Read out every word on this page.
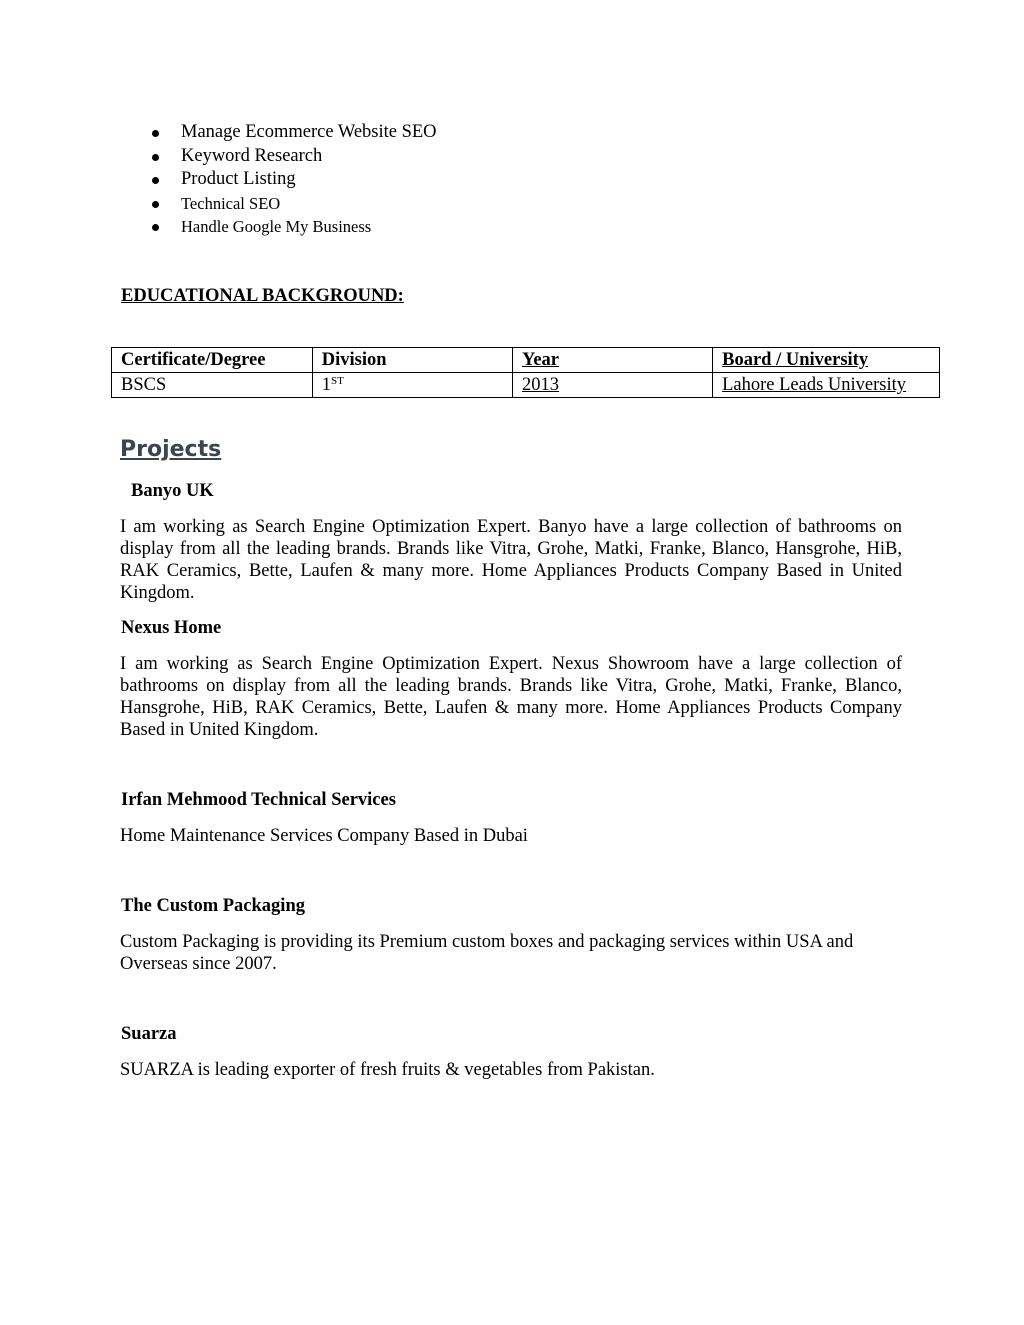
Manage Ecommerce Website SEO
Keyword Research
Product Listing
Technical SEO
Handle Google My Business
EDUCATIONAL BACKGROUND:
Certificate/Degree	Division	Year	Board / University
BSCS	1ST	2013	Lahore Leads University
Projects
Banyo UK

I am working as Search Engine Optimization Expert. Banyo have a large collection of bathrooms on display from all the leading brands. Brands like Vitra, Grohe, Matki, Franke, Blanco, Hansgrohe, HiB, RAK Ceramics, Bette, Laufen & many more. Home Appliances Products Company Based in United Kingdom.

Nexus Home

I am working as Search Engine Optimization Expert. Nexus Showroom have a large collection of bathrooms on display from all the leading brands. Brands like Vitra, Grohe, Matki, Franke, Blanco, Hansgrohe, HiB, RAK Ceramics, Bette, Laufen & many more. Home Appliances Products Company Based in United Kingdom.

Irfan Mehmood Technical Services

Home Maintenance Services Company Based in Dubai

The Custom Packaging

Custom Packaging is providing its Premium custom boxes and packaging services within USA and Overseas since 2007.

Suarza

SUARZA is leading exporter of fresh fruits & vegetables from Pakistan.
